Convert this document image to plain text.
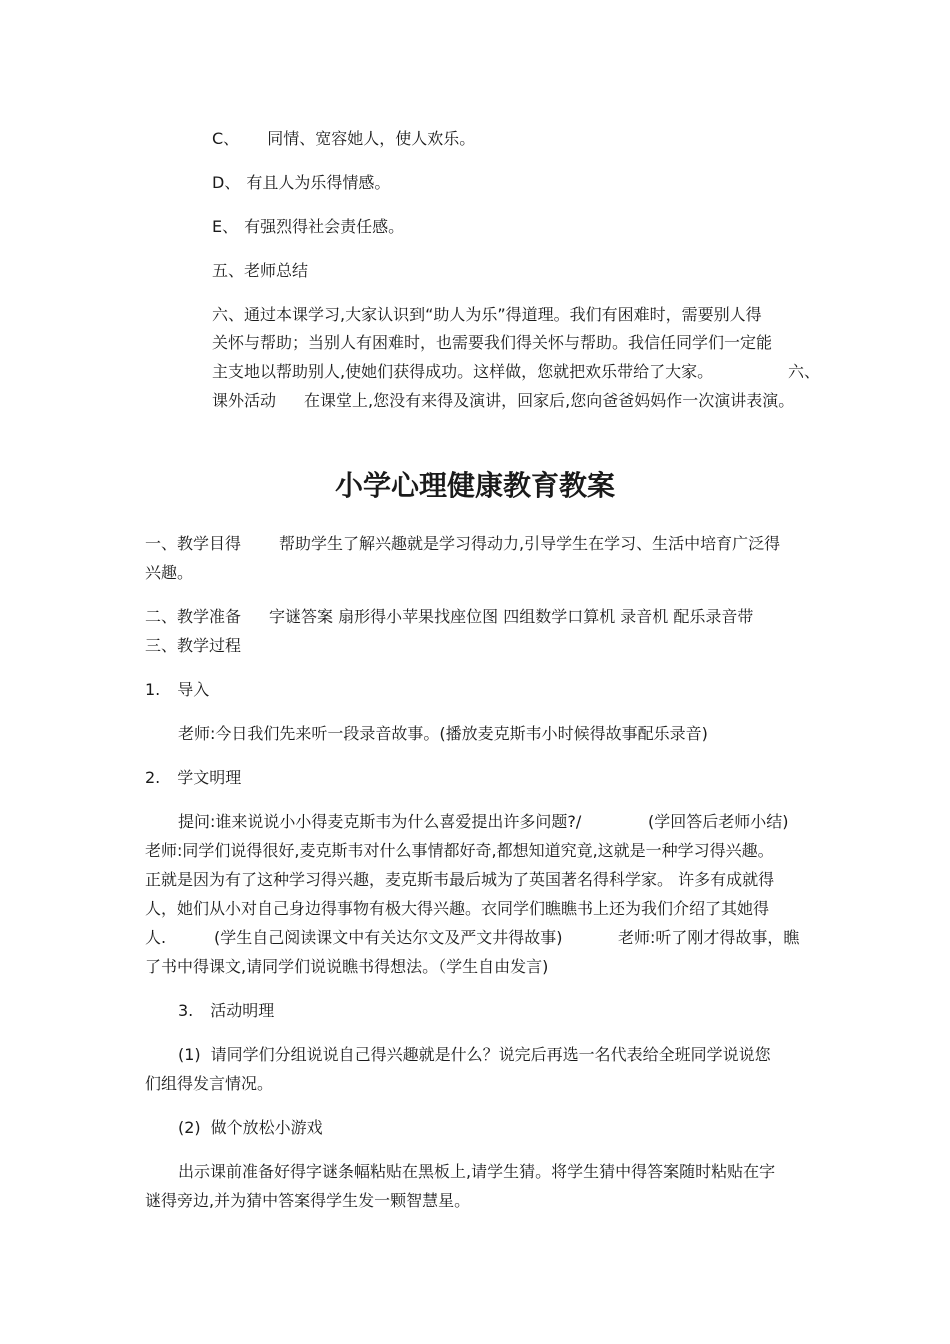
C、 同情、宽容她人，使人欢乐。
D、 有且人为乐得情感。
E、 有强烈得社会责任感。
五、老师总结
六、通过本课学习,大家认识到“助人为乐”得道理。我们有困难时，需要别人得
关怀与帮助；当别人有困难时，也需要我们得关怀与帮助。我信任同学们一定能
主支地以帮助别人,使她们获得成功。这样做，您就把欢乐带给了大家。	六、
课外活动 在课堂上,您没有来得及演讲，回家后,您向爸爸妈妈作一次演讲表演。
小学心理健康教育教案
一、教学目得 帮助学生了解兴趣就是学习得动力,引导学生在学习、生活中培育广泛得
兴趣。
二、教学准备 字谜答案 扇形得小苹果找座位图 四组数学口算机 录音机 配乐录音带
三、教学过程
1. 导入
老师:今日我们先来听一段录音故事。(播放麦克斯韦小时候得故事配乐录音)
2. 学文明理
提问:谁来说说小小得麦克斯韦为什么喜爱提出许多问题?/	(学回答后老师小结)
老师:同学们说得很好,麦克斯韦对什么事情都好奇,都想知道究竟,这就是一种学习得兴趣。
正就是因为有了这种学习得兴趣，麦克斯韦最后城为了英国著名得科学家。 许多有成就得
人，她们从小对自己身边得事物有极大得兴趣。衣同学们瞧瞧书上还为我们介绍了其她得
人.	(学生自己阅读课文中有关达尔文及严文井得故事)	老师:听了刚才得故事，瞧
了书中得课文,请同学们说说瞧书得想法。（学生自由发言)
3. 活动明理
(1) 请同学们分组说说自己得兴趣就是什么？说完后再选一名代表给全班同学说说您
们组得发言情况。
(2) 做个放松小游戏
出示课前准备好得字谜条幅粘贴在黑板上,请学生猜。将学生猜中得答案随时粘贴在字
谜得旁边,并为猜中答案得学生发一颗智慧星。
